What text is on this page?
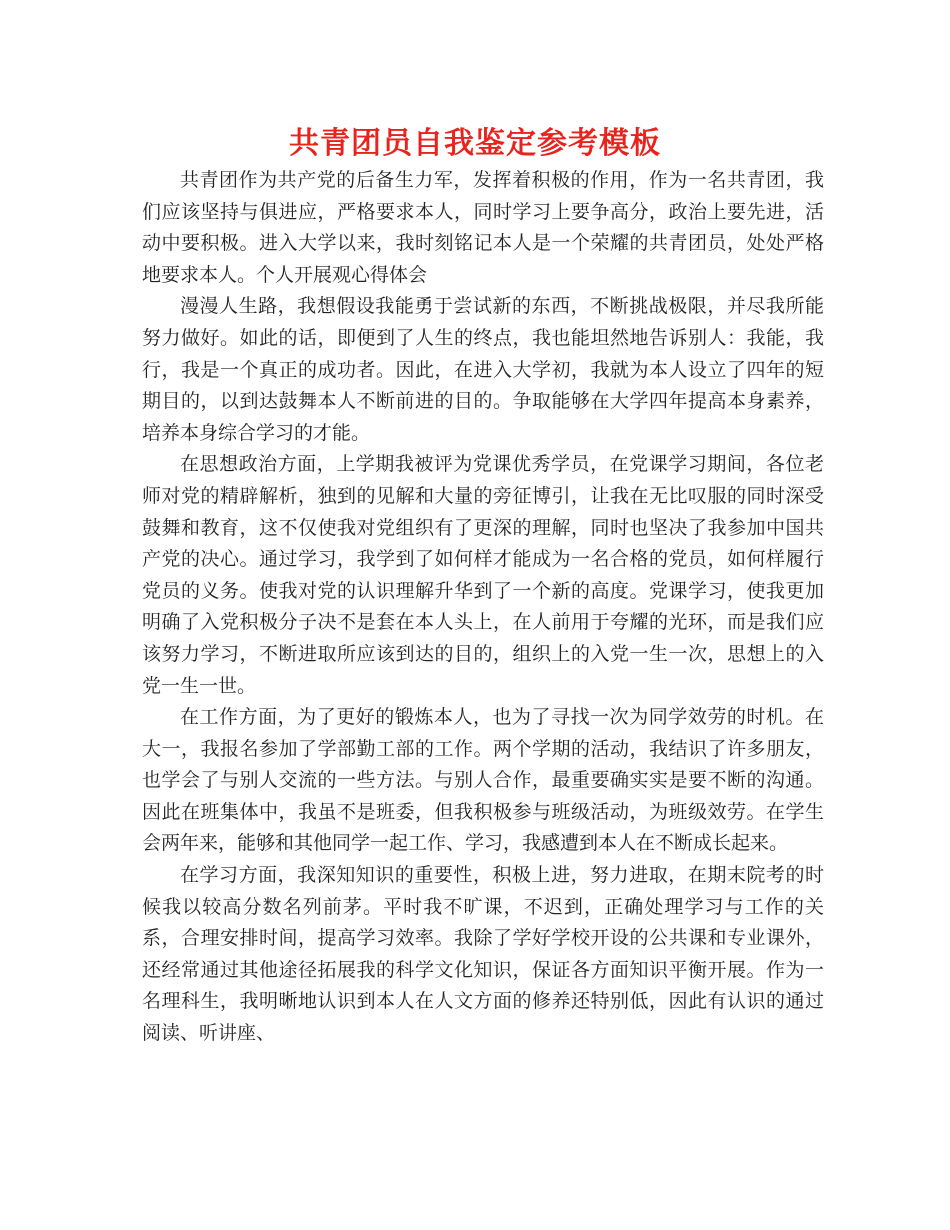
共青团员自我鉴定参考模板

共青团作为共产党的后备生力军，发挥着积极的作用，作为一名共青团，我们应该坚持与俱进应，严格要求本人，同时学习上要争高分，政治上要先进，活动中要积极。进入大学以来，我时刻铭记本人是一个荣耀的共青团员，处处严格地要求本人。个人开展观心得体会

漫漫人生路，我想假设我能勇于尝试新的东西，不断挑战极限，并尽我所能努力做好。如此的话，即便到了人生的终点，我也能坦然地告诉别人：我能，我行，我是一个真正的成功者。因此，在进入大学初，我就为本人设立了四年的短期目的，以到达鼓舞本人不断前进的目的。争取能够在大学四年提高本身素养，培养本身综合学习的才能。

在思想政治方面，上学期我被评为党课优秀学员，在党课学习期间，各位老师对党的精辟解析，独到的见解和大量的旁征博引，让我在无比叹服的同时深受鼓舞和教育，这不仅使我对党组织有了更深的理解，同时也坚决了我参加中国共产党的决心。通过学习，我学到了如何样才能成为一名合格的党员，如何样履行党员的义务。使我对党的认识理解升华到了一个新的高度。党课学习，使我更加明确了入党积极分子决不是套在本人头上，在人前用于夸耀的光环，而是我们应该努力学习，不断进取所应该到达的目的，组织上的入党一生一次，思想上的入党一生一世。

在工作方面，为了更好的锻炼本人，也为了寻找一次为同学效劳的时机。在大一，我报名参加了学部勤工部的工作。两个学期的活动，我结识了许多朋友，也学会了与别人交流的一些方法。与别人合作，最重要确实实是要不断的沟通。因此在班集体中，我虽不是班委，但我积极参与班级活动，为班级效劳。在学生会两年来，能够和其他同学一起工作、学习，我感遭到本人在不断成长起来。

在学习方面，我深知知识的重要性，积极上进，努力进取，在期末院考的时候我以较高分数名列前茅。平时我不旷课，不迟到，正确处理学习与工作的关系，合理安排时间，提高学习效率。我除了学好学校开设的公共课和专业课外，还经常通过其他途径拓展我的科学文化知识，保证各方面知识平衡开展。作为一名理科生，我明晰地认识到本人在人文方面的修养还特别低，因此有认识的通过阅读、听讲座、
